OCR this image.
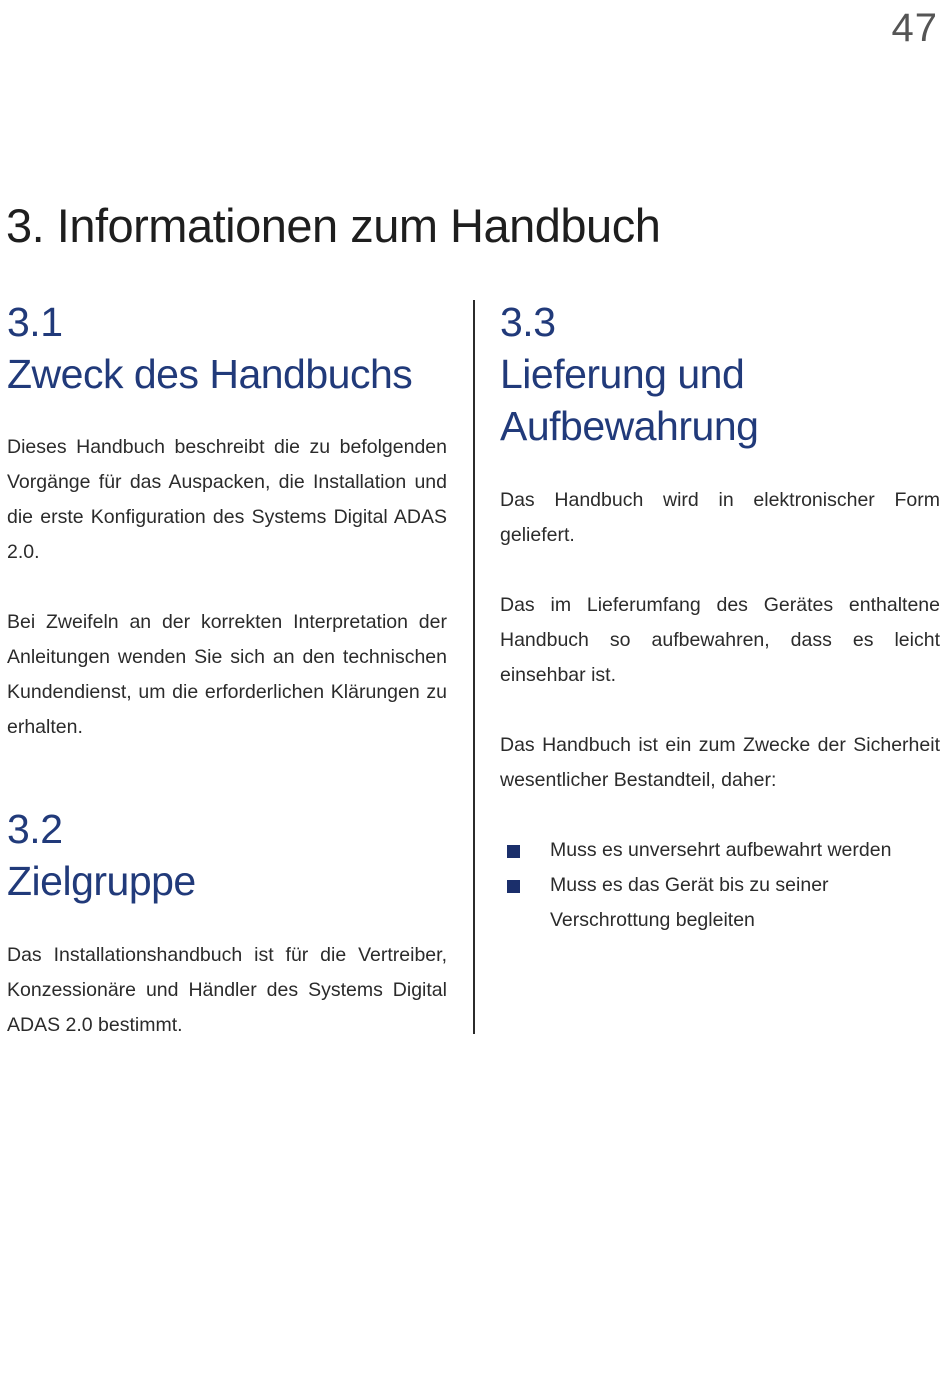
47
3. Informationen zum Handbuch
3.1
Zweck des Handbuchs

Dieses Handbuch beschreibt die zu befolgenden Vorgänge für das Auspacken, die Installation und die erste Konfiguration des Systems Digital ADAS 2.0.

Bei Zweifeln an der korrekten Interpretation der Anleitungen wenden Sie sich an den technischen Kundendienst, um die erforderlichen Klärungen zu erhalten.

3.2
Zielgruppe

Das Installationshandbuch ist für die Vertreiber, Konzessionäre und Händler des Systems Digital ADAS 2.0 bestimmt.

3.3
Lieferung und
Aufbewahrung

Das Handbuch wird in elektronischer Form geliefert.

Das im Lieferumfang des Gerätes enthaltene Handbuch so aufbewahren, dass es leicht einsehbar ist.

Das Handbuch ist ein zum Zwecke der Sicherheit wesentlicher Bestandteil, daher:

Muss es unversehrt aufbewahrt werden
Muss es das Gerät bis zu seiner Verschrottung begleiten
